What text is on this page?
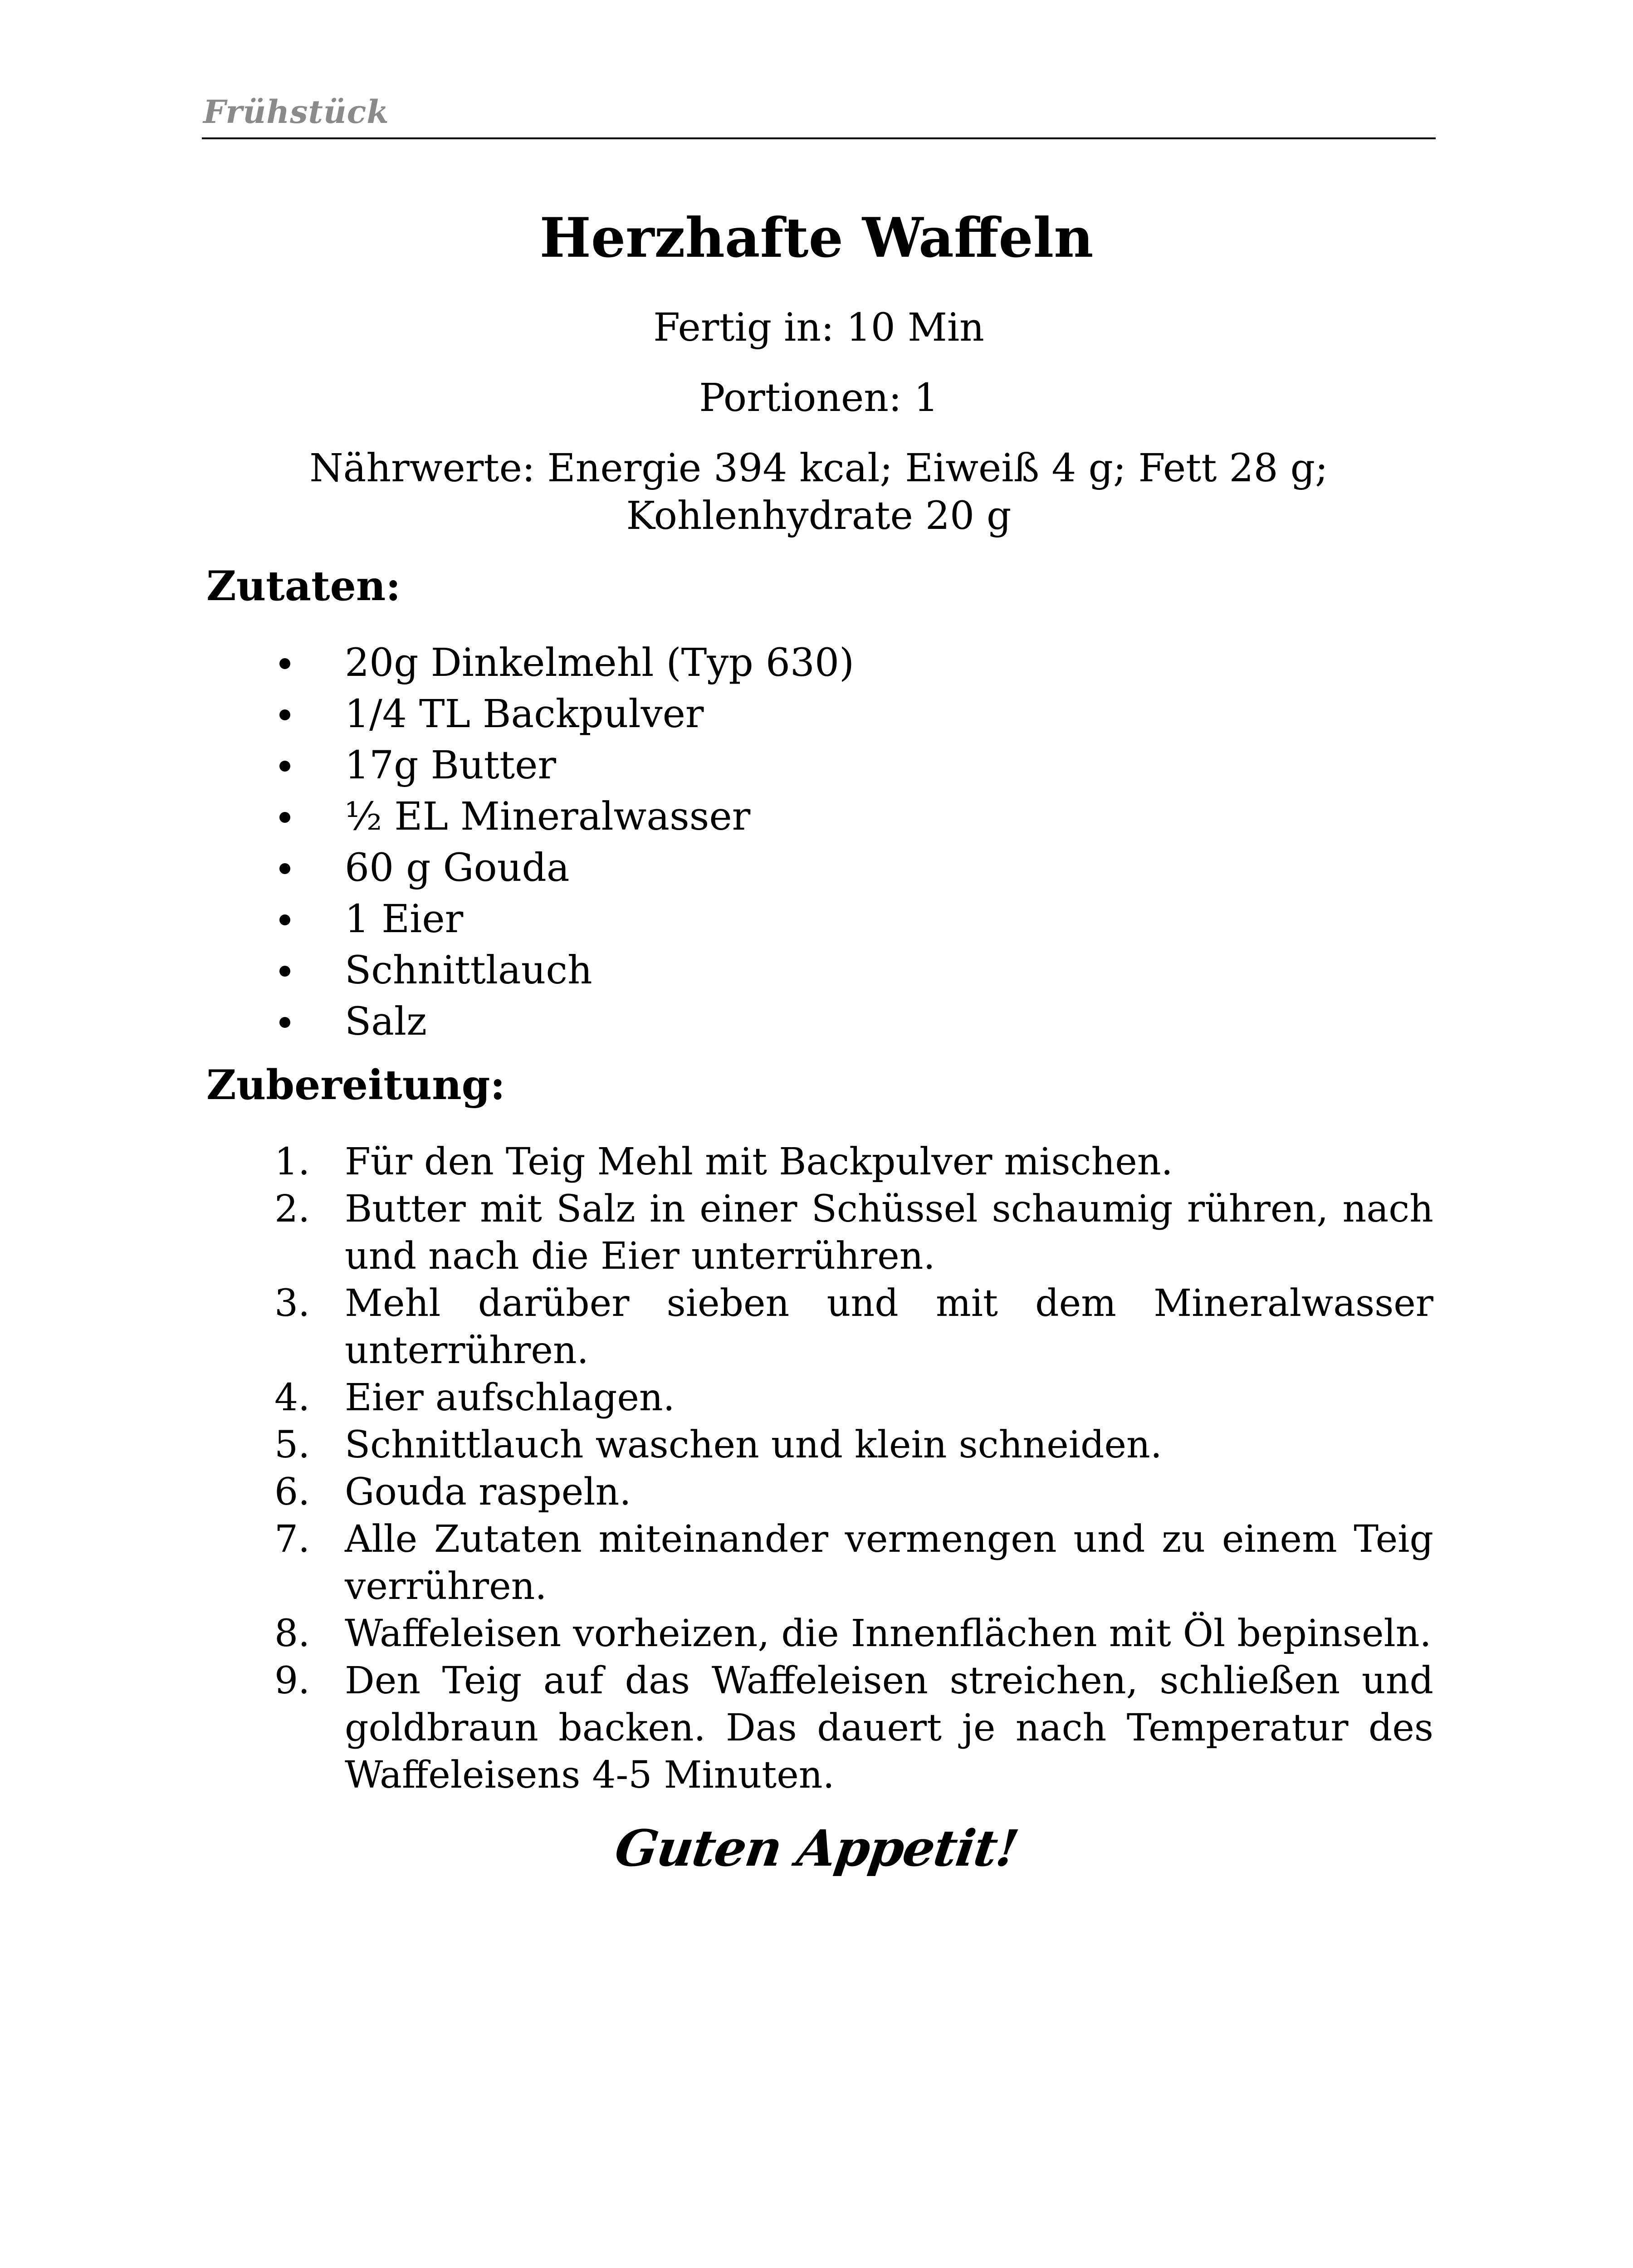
Frühstück
Herzhafte Waffeln
Fertig in: 10 Min
Portionen: 1
Nährwerte: Energie 394 kcal; Eiweiß 4 g; Fett 28 g;
Kohlenhydrate 20 g
Zutaten:
20g Dinkelmehl (Typ 630)
1/4 TL Backpulver
17g Butter
½ EL Mineralwasser
60 g Gouda
1 Eier
Schnittlauch
Salz
Zubereitung:
1. Für den Teig Mehl mit Backpulver mischen.
2. Butter mit Salz in einer Schüssel schaumig rühren, nach und nach die Eier unterrühren.
3. Mehl darüber sieben und mit dem Mineralwasser unterrühren.
4. Eier aufschlagen.
5. Schnittlauch waschen und klein schneiden.
6. Gouda raspeln.
7. Alle Zutaten miteinander vermengen und zu einem Teig verrühren.
8. Waffeleisen vorheizen, die Innenflächen mit Öl bepinseln.
9. Den Teig auf das Waffeleisen streichen, schließen und goldbraun backen. Das dauert je nach Temperatur des Waffeleisens 4-5 Minuten.
Guten Appetit!
